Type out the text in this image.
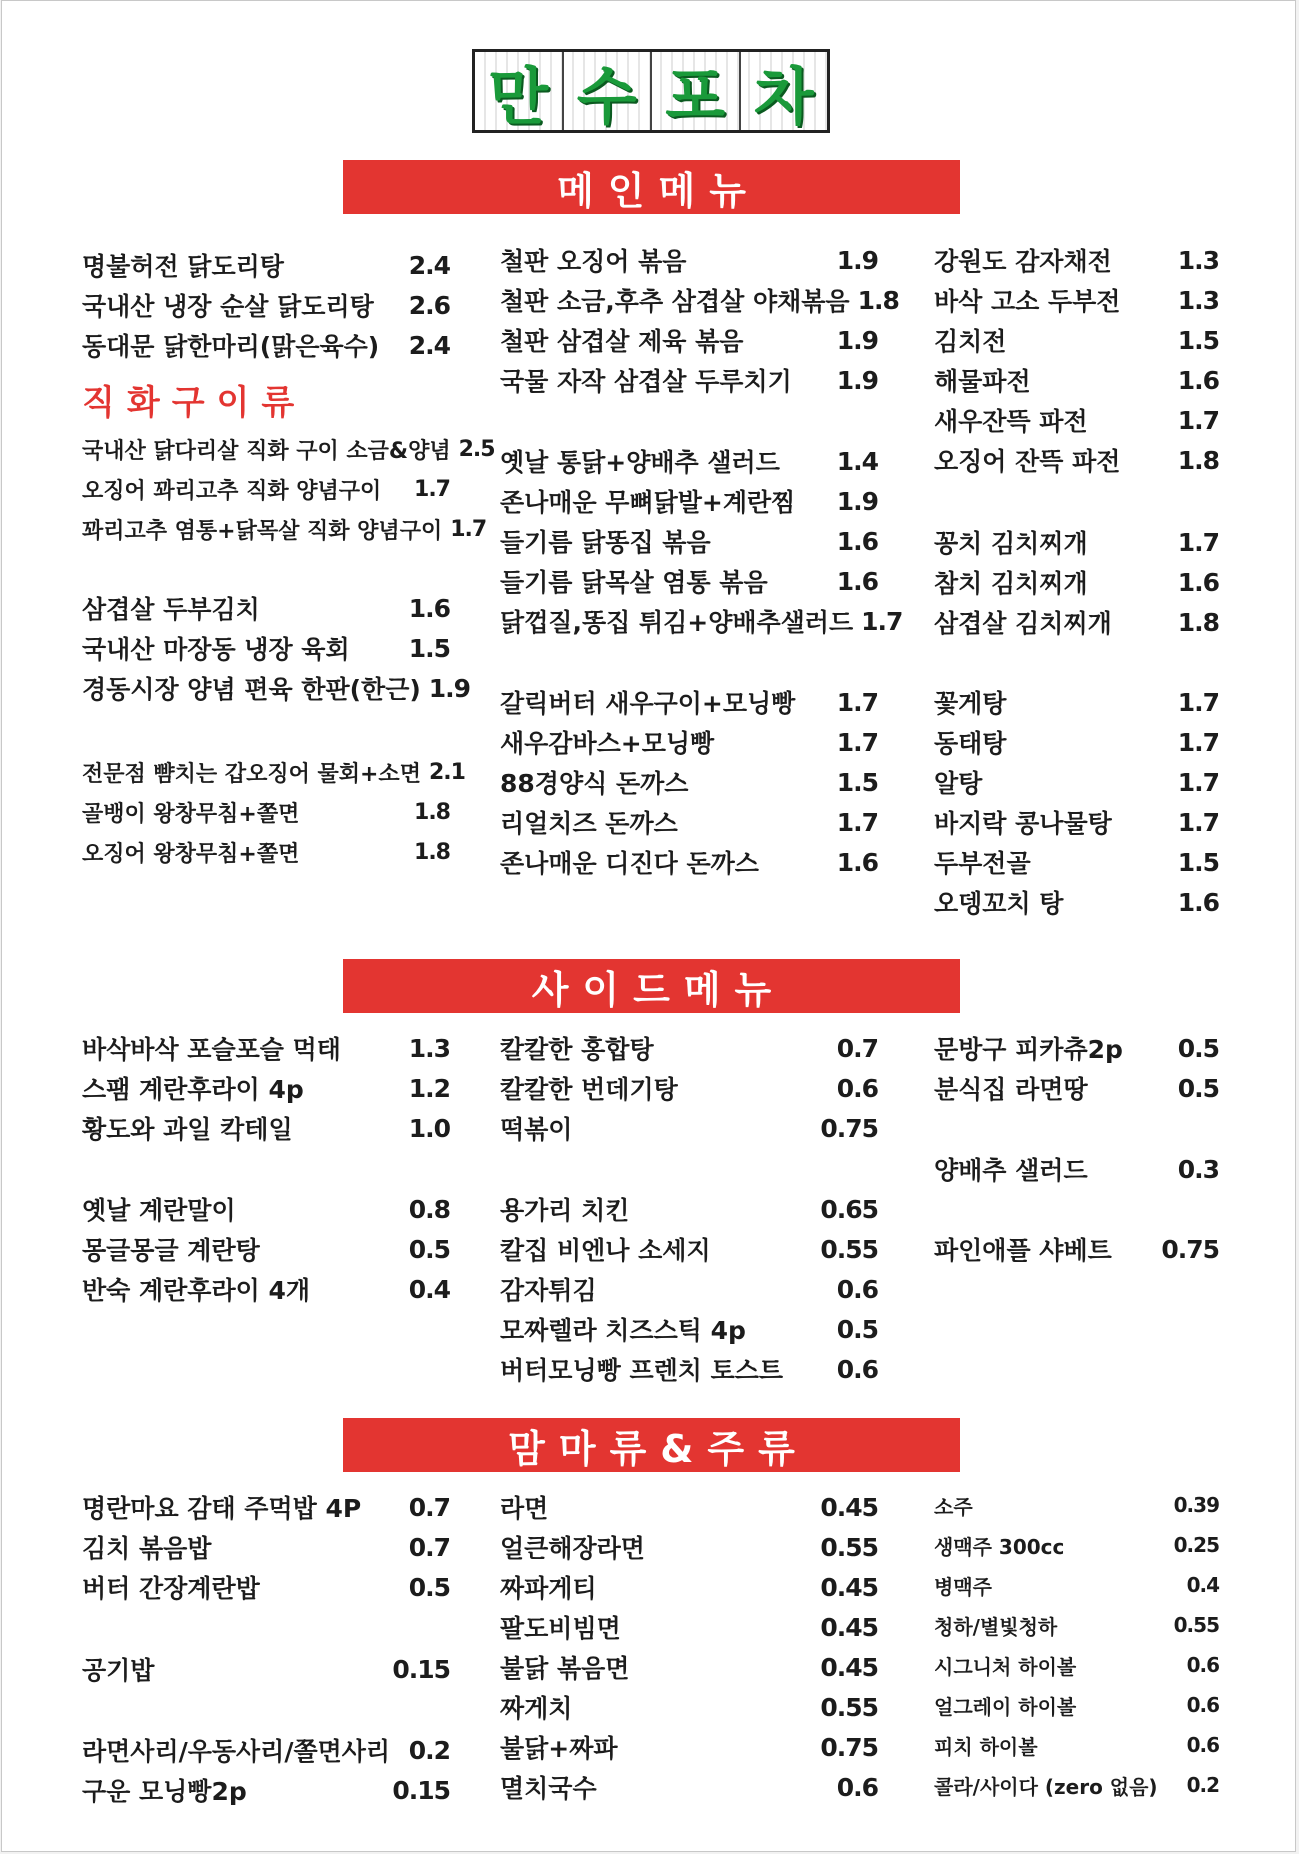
만 수 포 차
메인메뉴
명불허전 닭도리탕	2.4
국내산 냉장 순살 닭도리탕 2.6
동대문 닭한마리(맑은육수) 2.4
직화구이류
국내산 닭다리살 직화 구이 소금&양념 2.5
오징어 꽈리고추 직화 양념구이 1.7
꽈리고추 염통+닭목살 직화 양념구이 1.7
삼겹살 두부김치	1.6
국내산 마장동 냉장 육회 1.5
경동시장 양념 편육 한판(한근) 1.9
전문점 뺨치는 갑오징어 물회+소면 2.1
골뱅이 왕창무침+쫄면	1.8
오징어 왕창무침+쫄면	1.8
철판 오징어 볶음	1.9
철판 소금,후추 삼겹살 야채볶음 1.8
철판 삼겹살 제육 볶음	1.9
국물 자작 삼겹살 두루치기 1.9
옛날 통닭+양배추 샐러드 1.4
존나매운 무뼈닭발+계란찜 1.9
들기름 닭똥집 볶음	1.6
들기름 닭목살 염통 볶음	1.6
닭껍질,똥집 튀김+양배추샐러드 1.7
갈릭버터 새우구이+모닝빵 1.7
새우감바스+모닝빵	1.7
88경양식 돈까스	1.5
리얼치즈 돈까스	1.7
존나매운 디진다 돈까스	1.6
강원도 감자채전	1.3
바삭 고소 두부전 1.3
김치전	1.5
해물파전	1.6
새우잔뜩 파전	1.7
오징어 잔뜩 파전 1.8
꽁치 김치찌개	1.7
참치 김치찌개	1.6
삼겹살 김치찌개	1.8
꽃게탕	1.7
동태탕	1.7
알탕	1.7
바지락 콩나물탕	1.7
두부전골	1.5
오뎅꼬치 탕	1.6
사이드메뉴
바삭바삭 포슬포슬 먹태	1.3
스팸 계란후라이 4p	1.2
황도와 과일 칵테일	1.0
옛날 계란말이	0.8
몽글몽글 계란탕	0.5
반숙 계란후라이 4개	0.4
칼칼한 홍합탕	0.7
칼칼한 번데기탕	0.6
떡볶이	0.75
용가리 치킨	0.65
칼집 비엔나 소세지	0.55
감자튀김	0.6
모짜렐라 치즈스틱 4p	0.5
버터모닝빵 프렌치 토스트 0.6
문방구 피카츄2p 0.5
분식집 라면땅	0.5
양배추 샐러드	0.3
파인애플 샤베트 0.75
맘마류&주류
명란마요 감태 주먹밥 4P 0.7
김치 볶음밥	0.7
버터 간장계란밥	0.5
공기밥	0.15
라면사리/우동사리/쫄면사리 0.2
구운 모닝빵2p	0.15
라면	0.45
얼큰해장라면	0.55
짜파게티	0.45
팔도비빔면	0.45
불닭 볶음면	0.45
짜게치	0.55
불닭+짜파	0.75
멸치국수	0.6
소주	0.39
생맥주 300cc	0.25
병맥주	0.4
청하/별빛청하	0.55
시그니처 하이볼	0.6
얼그레이 하이볼	0.6
피치 하이볼	0.6
콜라/사이다 (zero 없음) 0.2
